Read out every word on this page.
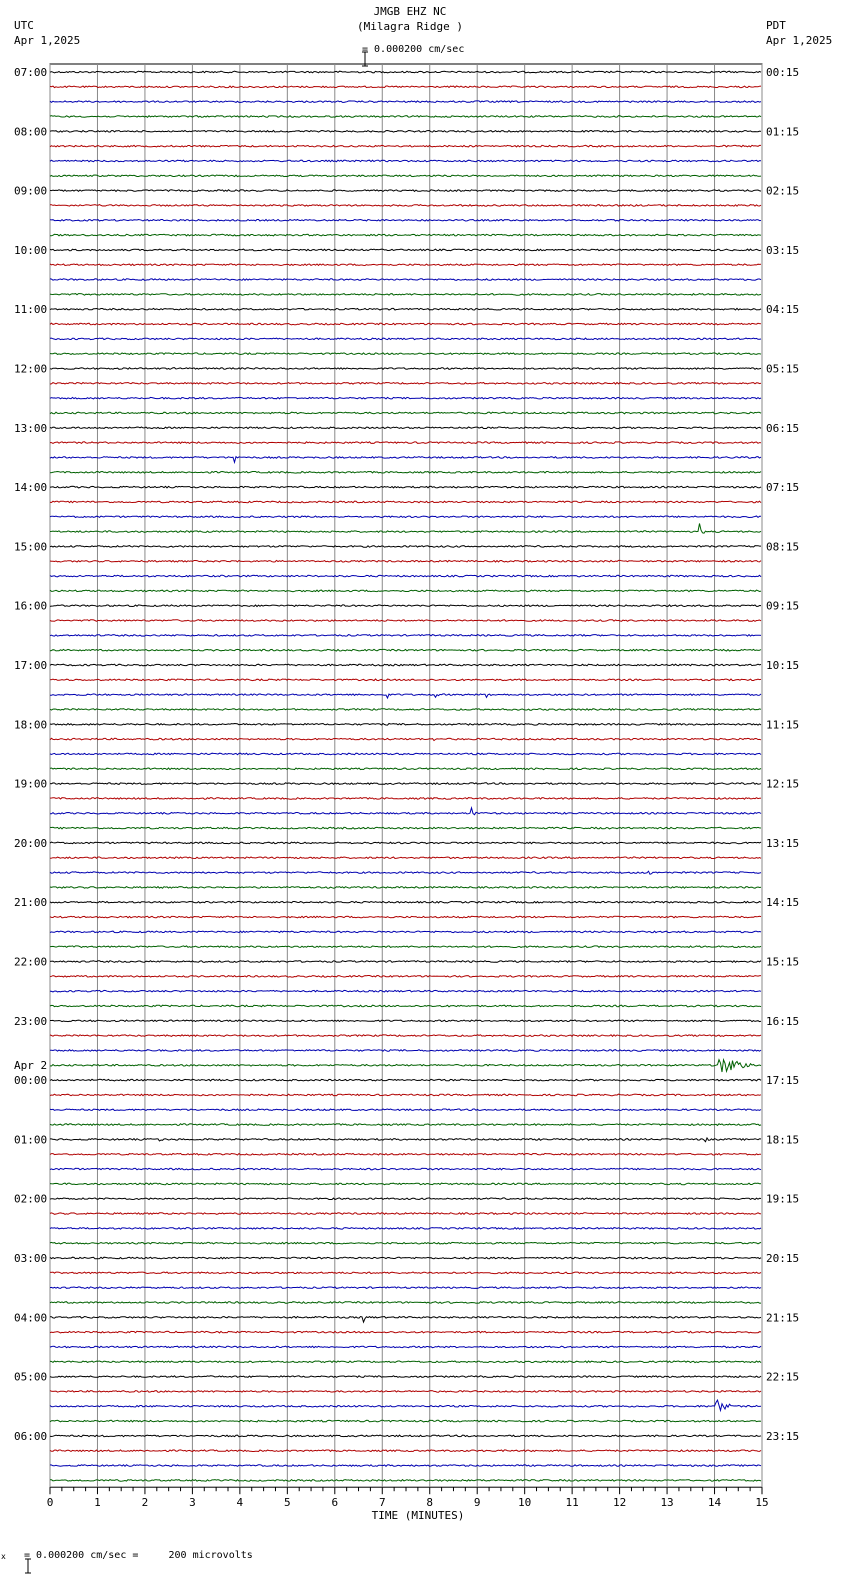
0	1	2	3	4	5	6	7	8	9	10	11	12	13	14	15
07:00
08:00
09:00
10:00
11:00
12:00
13:00
14:00
15:00
16:00
17:00
18:00
19:00
20:00
21:00
22:00
23:00
00:00
01:00
02:00
03:00
04:00
05:00
06:00
00:15
01:15
02:15
03:15
04:15
05:15
06:15
07:15
08:15
09:15
10:15
11:15
12:15
13:15
14:15
15:15
16:15
17:15
18:15
19:15
20:15
21:15
22:15
23:15
Apr 2
JMGB EHZ NC
(Milagra Ridge )

= 0.000200 cm/sec
UTC
Apr 1,2025
PDT
Apr 1,2025
TIME (MINUTES)
x

= 0.000200 cm/sec =     200 microvolts
